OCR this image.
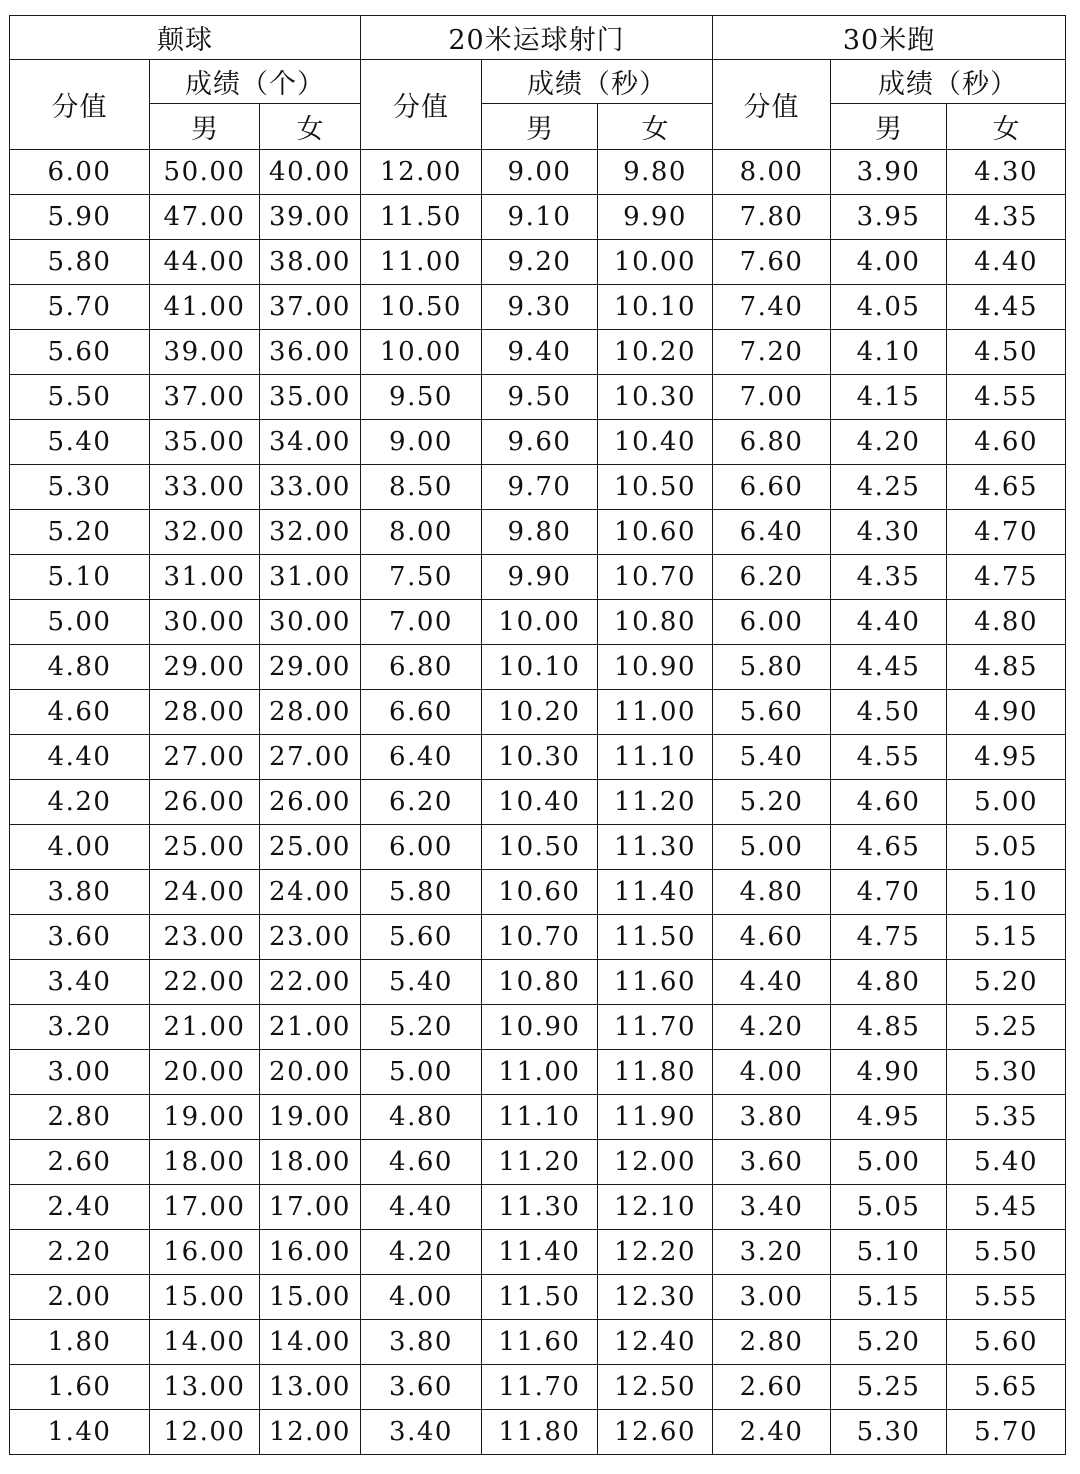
颠球			20米运球射门			30米跑		
分值	成绩（个）		分值	成绩（秒）		分值	成绩（秒）	
	男	女		男	女		男	女
6.00	50.00	40.00	12.00	9.00	9.80	8.00	3.90	4.30
5.90	47.00	39.00	11.50	9.10	9.90	7.80	3.95	4.35
5.80	44.00	38.00	11.00	9.20	10.00	7.60	4.00	4.40
5.70	41.00	37.00	10.50	9.30	10.10	7.40	4.05	4.45
5.60	39.00	36.00	10.00	9.40	10.20	7.20	4.10	4.50
5.50	37.00	35.00	9.50	9.50	10.30	7.00	4.15	4.55
5.40	35.00	34.00	9.00	9.60	10.40	6.80	4.20	4.60
5.30	33.00	33.00	8.50	9.70	10.50	6.60	4.25	4.65
5.20	32.00	32.00	8.00	9.80	10.60	6.40	4.30	4.70
5.10	31.00	31.00	7.50	9.90	10.70	6.20	4.35	4.75
5.00	30.00	30.00	7.00	10.00	10.80	6.00	4.40	4.80
4.80	29.00	29.00	6.80	10.10	10.90	5.80	4.45	4.85
4.60	28.00	28.00	6.60	10.20	11.00	5.60	4.50	4.90
4.40	27.00	27.00	6.40	10.30	11.10	5.40	4.55	4.95
4.20	26.00	26.00	6.20	10.40	11.20	5.20	4.60	5.00
4.00	25.00	25.00	6.00	10.50	11.30	5.00	4.65	5.05
3.80	24.00	24.00	5.80	10.60	11.40	4.80	4.70	5.10
3.60	23.00	23.00	5.60	10.70	11.50	4.60	4.75	5.15
3.40	22.00	22.00	5.40	10.80	11.60	4.40	4.80	5.20
3.20	21.00	21.00	5.20	10.90	11.70	4.20	4.85	5.25
3.00	20.00	20.00	5.00	11.00	11.80	4.00	4.90	5.30
2.80	19.00	19.00	4.80	11.10	11.90	3.80	4.95	5.35
2.60	18.00	18.00	4.60	11.20	12.00	3.60	5.00	5.40
2.40	17.00	17.00	4.40	11.30	12.10	3.40	5.05	5.45
2.20	16.00	16.00	4.20	11.40	12.20	3.20	5.10	5.50
2.00	15.00	15.00	4.00	11.50	12.30	3.00	5.15	5.55
1.80	14.00	14.00	3.80	11.60	12.40	2.80	5.20	5.60
1.60	13.00	13.00	3.60	11.70	12.50	2.60	5.25	5.65
1.40	12.00	12.00	3.40	11.80	12.60	2.40	5.30	5.70
